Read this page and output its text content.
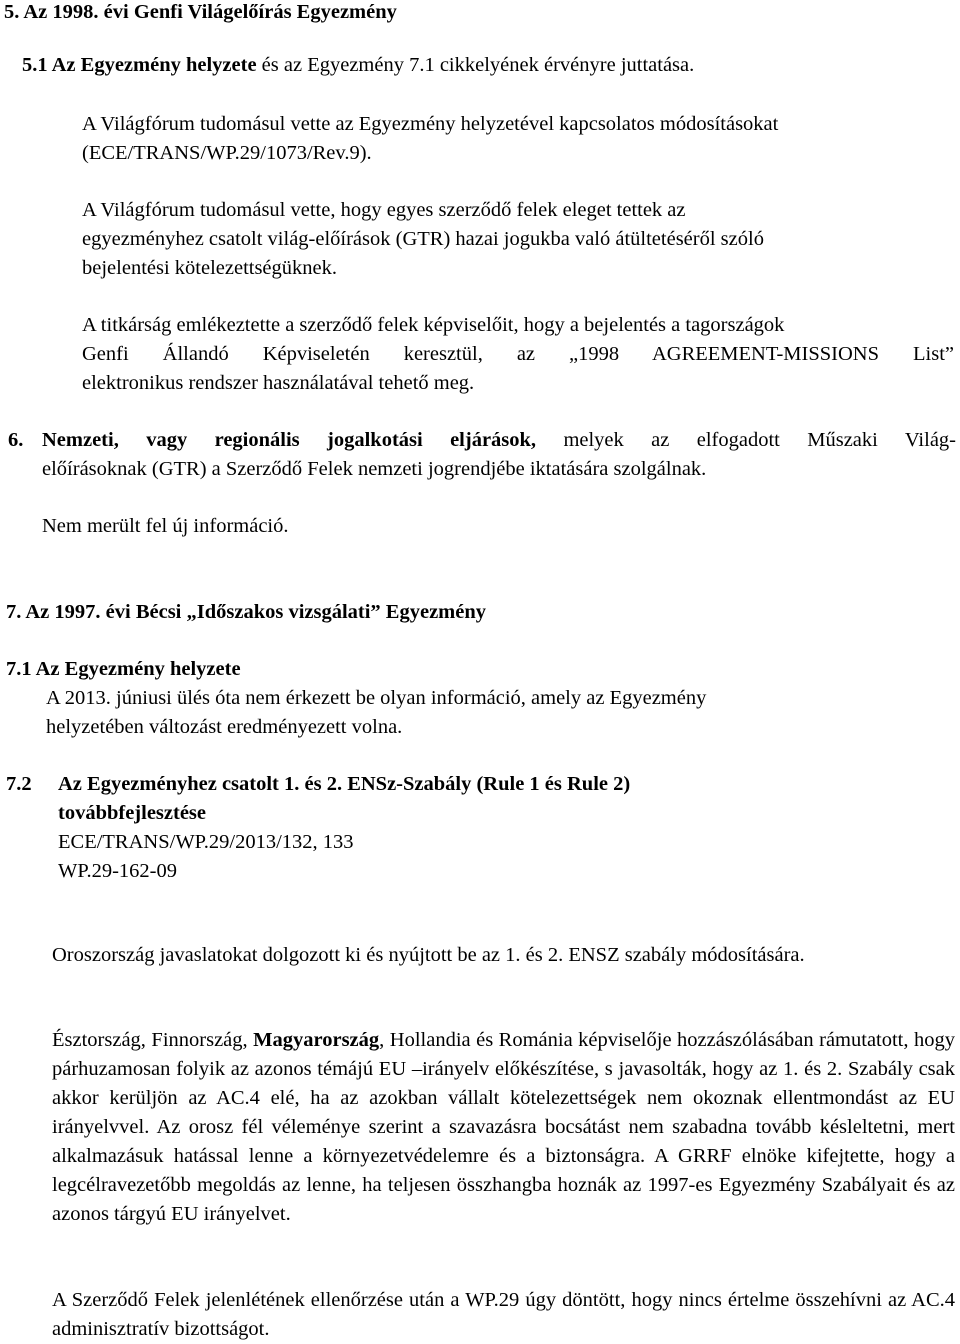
5. Az 1998. évi Genfi Világelőírás Egyezmény
5.1 Az Egyezmény helyzete és az Egyezmény 7.1 cikkelyének érvényre juttatása.
A Világfórum tudomásul vette az Egyezmény helyzetével kapcsolatos módosításokat
(ECE/TRANS/WP.29/1073/Rev.9).
A Világfórum tudomásul vette, hogy egyes szerződő felek eleget tettek az
egyezményhez csatolt világ-előírások (GTR) hazai jogukba való átültetéséről szóló
bejelentési kötelezettségüknek.
A titkárság emlékeztette a szerződő felek képviselőit, hogy a bejelentés a tagországok
Genfi Állandó Képviseletén keresztül, az „1998 AGREEMENT-MISSIONS List”
elektronikus rendszer használatával tehető meg.
6. Nemzeti, vagy regionális jogalkotási eljárások, melyek az elfogadott Műszaki Világ-
előírásoknak (GTR) a Szerződő Felek nemzeti jogrendjébe iktatására szolgálnak.
Nem merült fel új információ.
7. Az 1997. évi Bécsi „Időszakos vizsgálati” Egyezmény
7.1 Az Egyezmény helyzete
A 2013. júniusi ülés óta nem érkezett be olyan információ, amely az Egyezmény
helyzetében változást eredményezett volna.
7.2 Az Egyezményhez csatolt 1. és 2. ENSz-Szabály (Rule 1 és Rule 2)
továbbfejlesztése
ECE/TRANS/WP.29/2013/132, 133
WP.29-162-09
Oroszország javaslatokat dolgozott ki és nyújtott be az 1. és 2. ENSZ szabály módosítására.
Észtország, Finnország, Magyarország, Hollandia és Románia képviselője hozzászólásában rámutatott, hogy párhuzamosan folyik az azonos témájú EU –irányelv előkészítése, s javasolták, hogy az 1. és 2. Szabály csak akkor kerüljön az AC.4 elé, ha az azokban vállalt kötelezettségek nem okoznak ellentmondást az EU irányelvvel. Az orosz fél véleménye szerint a szavazásra bocsátást nem szabadna tovább késleltetni, mert alkalmazásuk hatással lenne a környezetvédelemre és a biztonságra. A GRRF elnöke kifejtette, hogy a legcélravezetőbb megoldás az lenne, ha teljesen összhangba hoznák az 1997-es Egyezmény Szabályait és az azonos tárgyú EU irányelvet.
A Szerződő Felek jelenlétének ellenőrzése után a WP.29 úgy döntött, hogy nincs értelme összehívni az AC.4 adminisztratív bizottságot.
